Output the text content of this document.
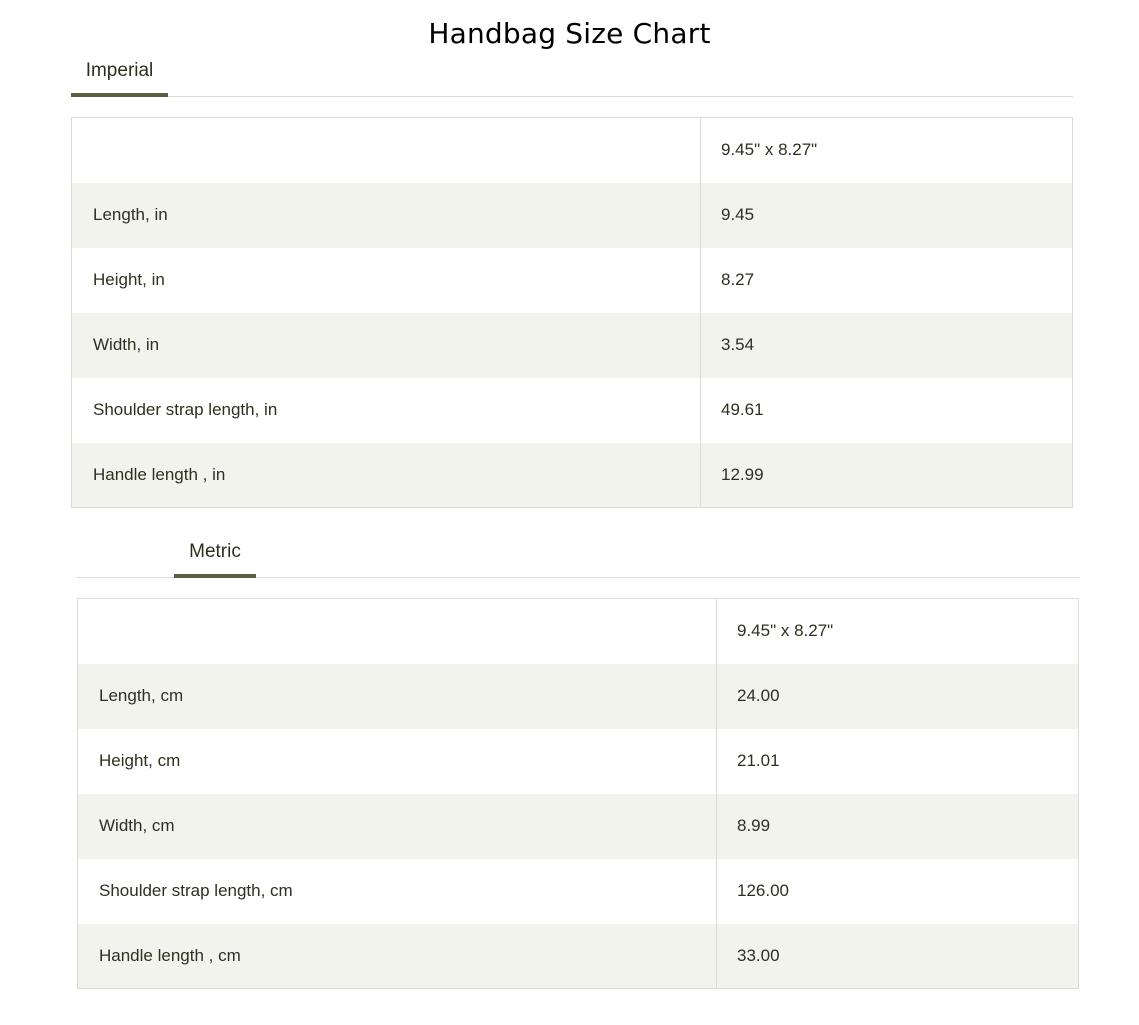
Handbag Size Chart
Imperial
	9.45" x 8.27"
Length, in	9.45
Height, in	8.27
Width, in	3.54
Shoulder strap length, in	49.61
Handle length , in	12.99
Metric
	9.45" x 8.27"
Length, cm	24.00
Height, cm	21.01
Width, cm	8.99
Shoulder strap length, cm	126.00
Handle length , cm	33.00
